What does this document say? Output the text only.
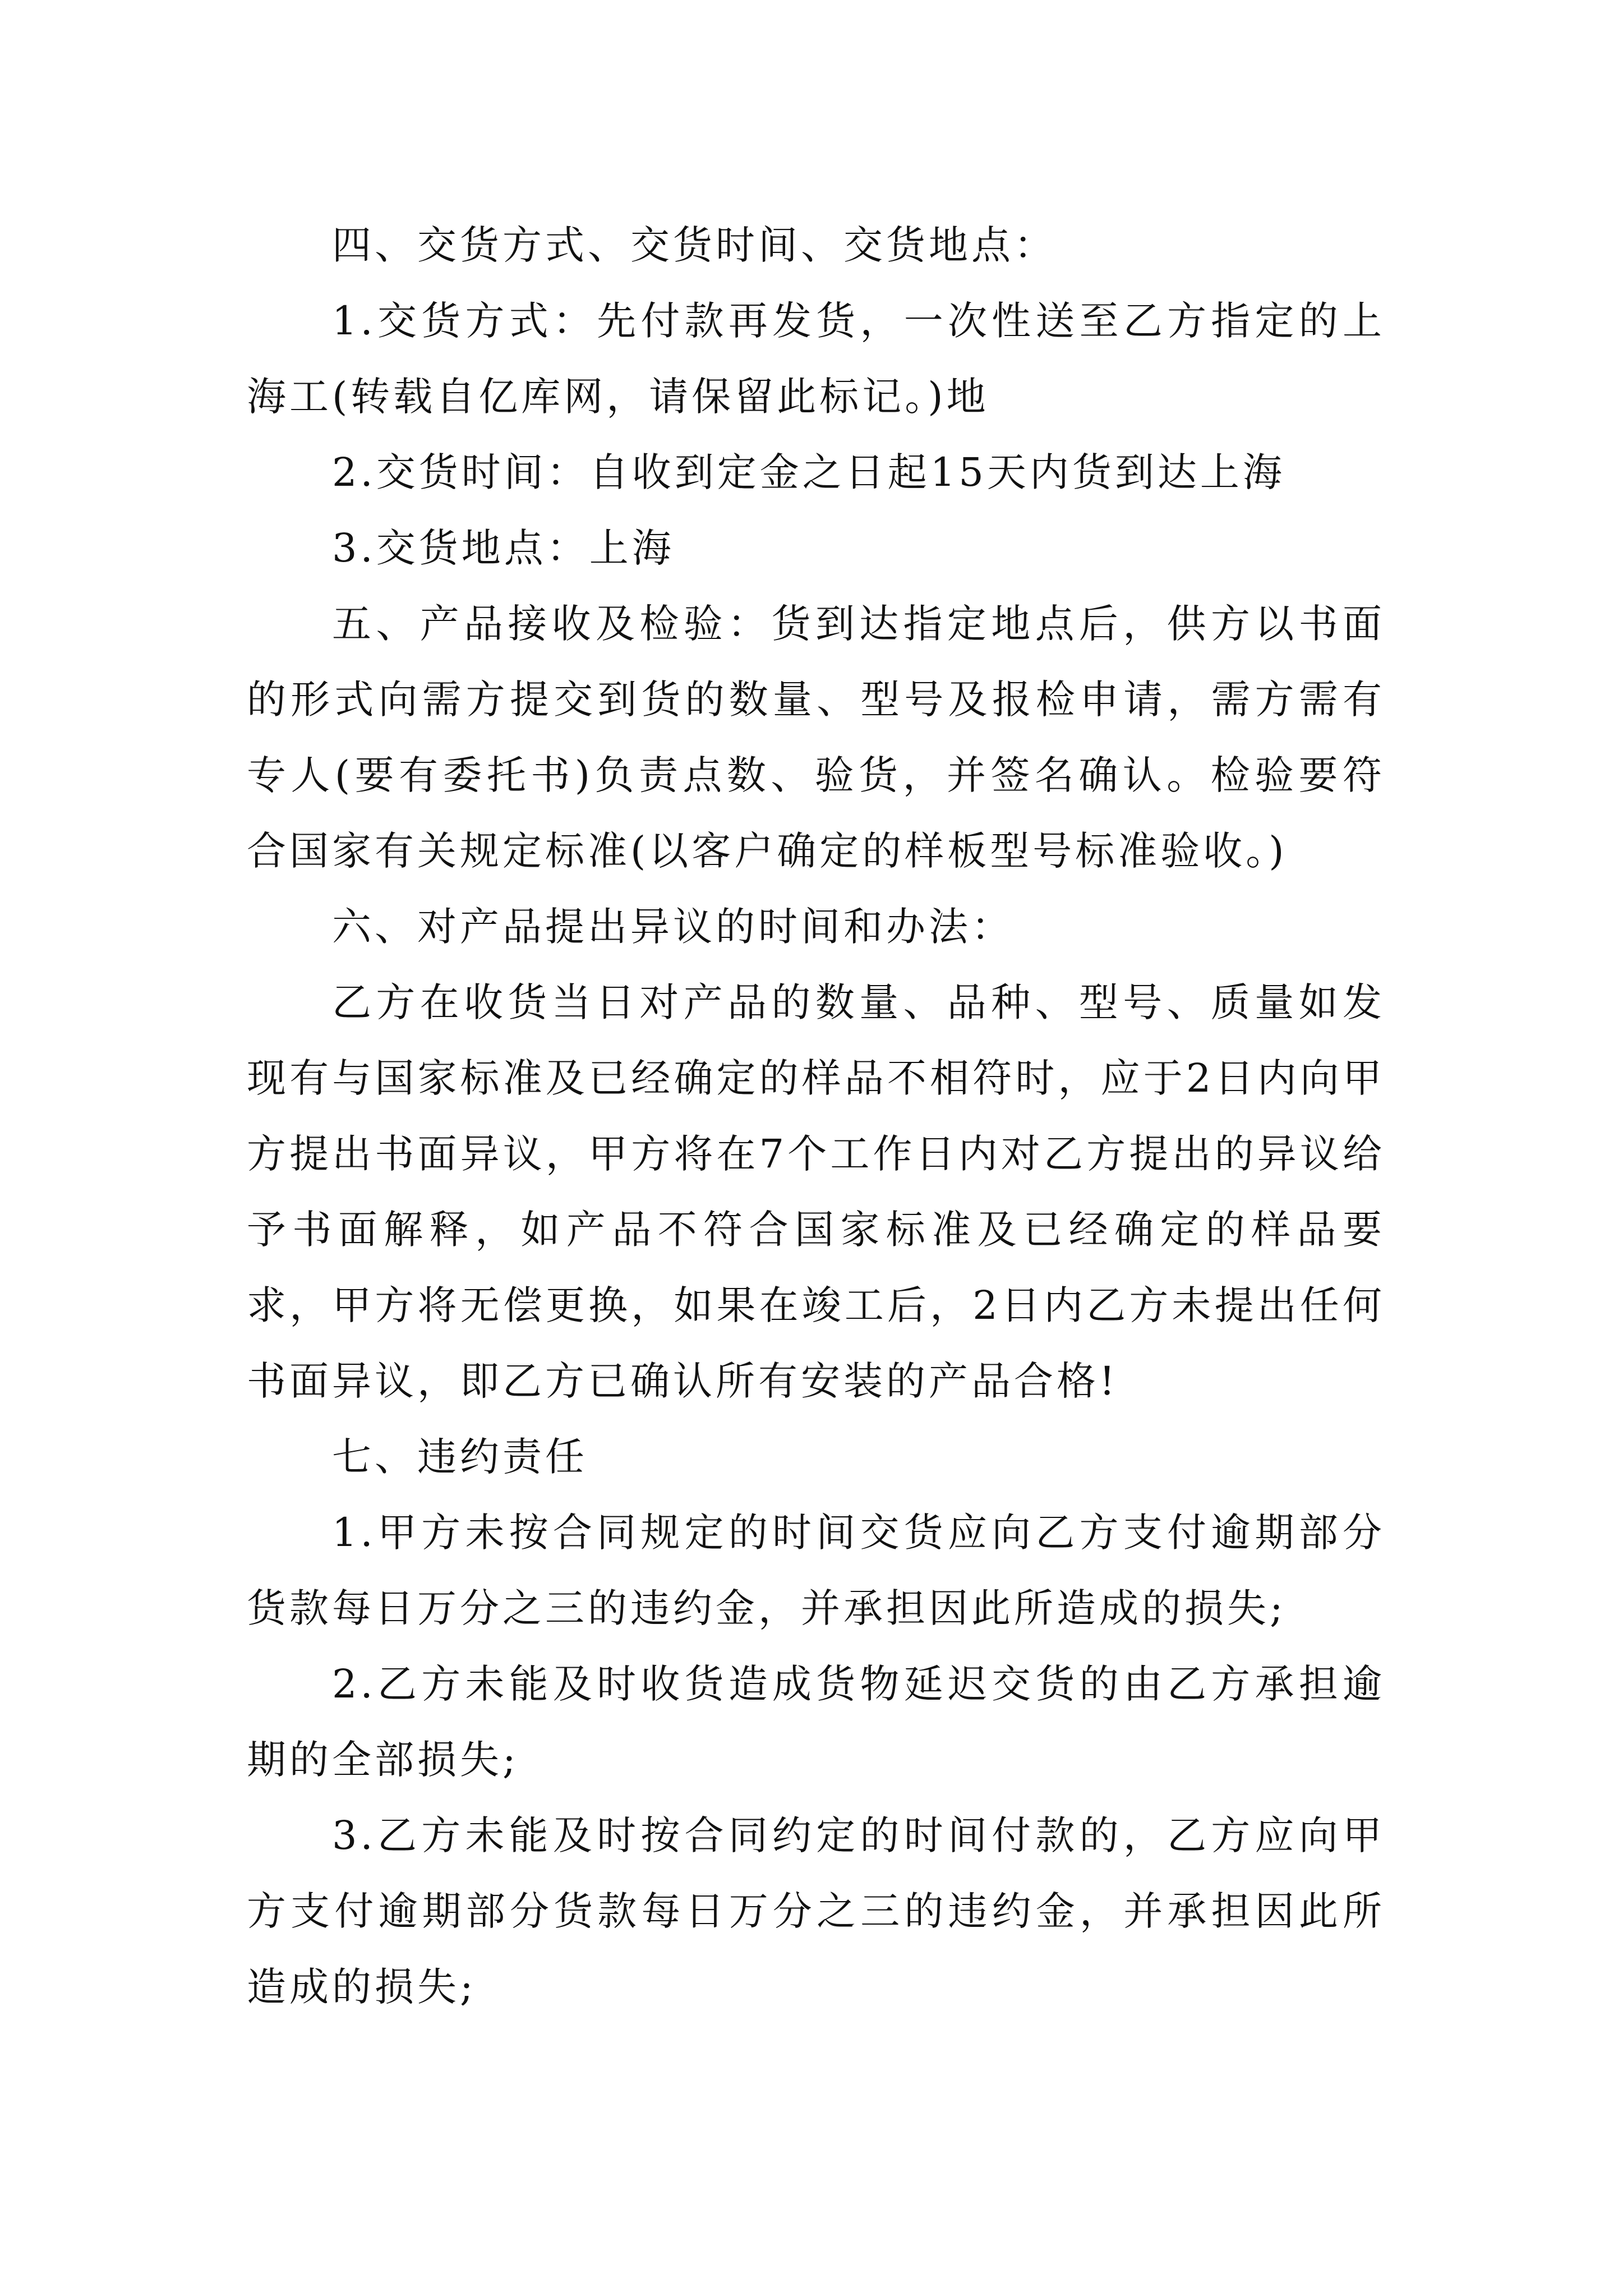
四、交货方式、交货时间、交货地点：

1.交货方式：先付款再发货，一次性送至乙方指定的上海工(转载自亿库网，请保留此标记。)地

2.交货时间：自收到定金之日起15天内货到达上海

3.交货地点：上海

五、产品接收及检验：货到达指定地点后，供方以书面的形式向需方提交到货的数量、型号及报检申请，需方需有专人(要有委托书)负责点数、验货，并签名确认。检验要符合国家有关规定标准(以客户确定的样板型号标准验收。)

六、对产品提出异议的时间和办法：

乙方在收货当日对产品的数量、品种、型号、质量如发现有与国家标准及已经确定的样品不相符时，应于2日内向甲方提出书面异议，甲方将在7个工作日内对乙方提出的异议给予书面解释，如产品不符合国家标准及已经确定的样品要求，甲方将无偿更换，如果在竣工后，2日内乙方未提出任何书面异议，即乙方已确认所有安装的产品合格!

七、违约责任

1.甲方未按合同规定的时间交货应向乙方支付逾期部分货款每日万分之三的违约金，并承担因此所造成的损失;

2.乙方未能及时收货造成货物延迟交货的由乙方承担逾期的全部损失;

3.乙方未能及时按合同约定的时间付款的，乙方应向甲方支付逾期部分货款每日万分之三的违约金，并承担因此所造成的损失;
